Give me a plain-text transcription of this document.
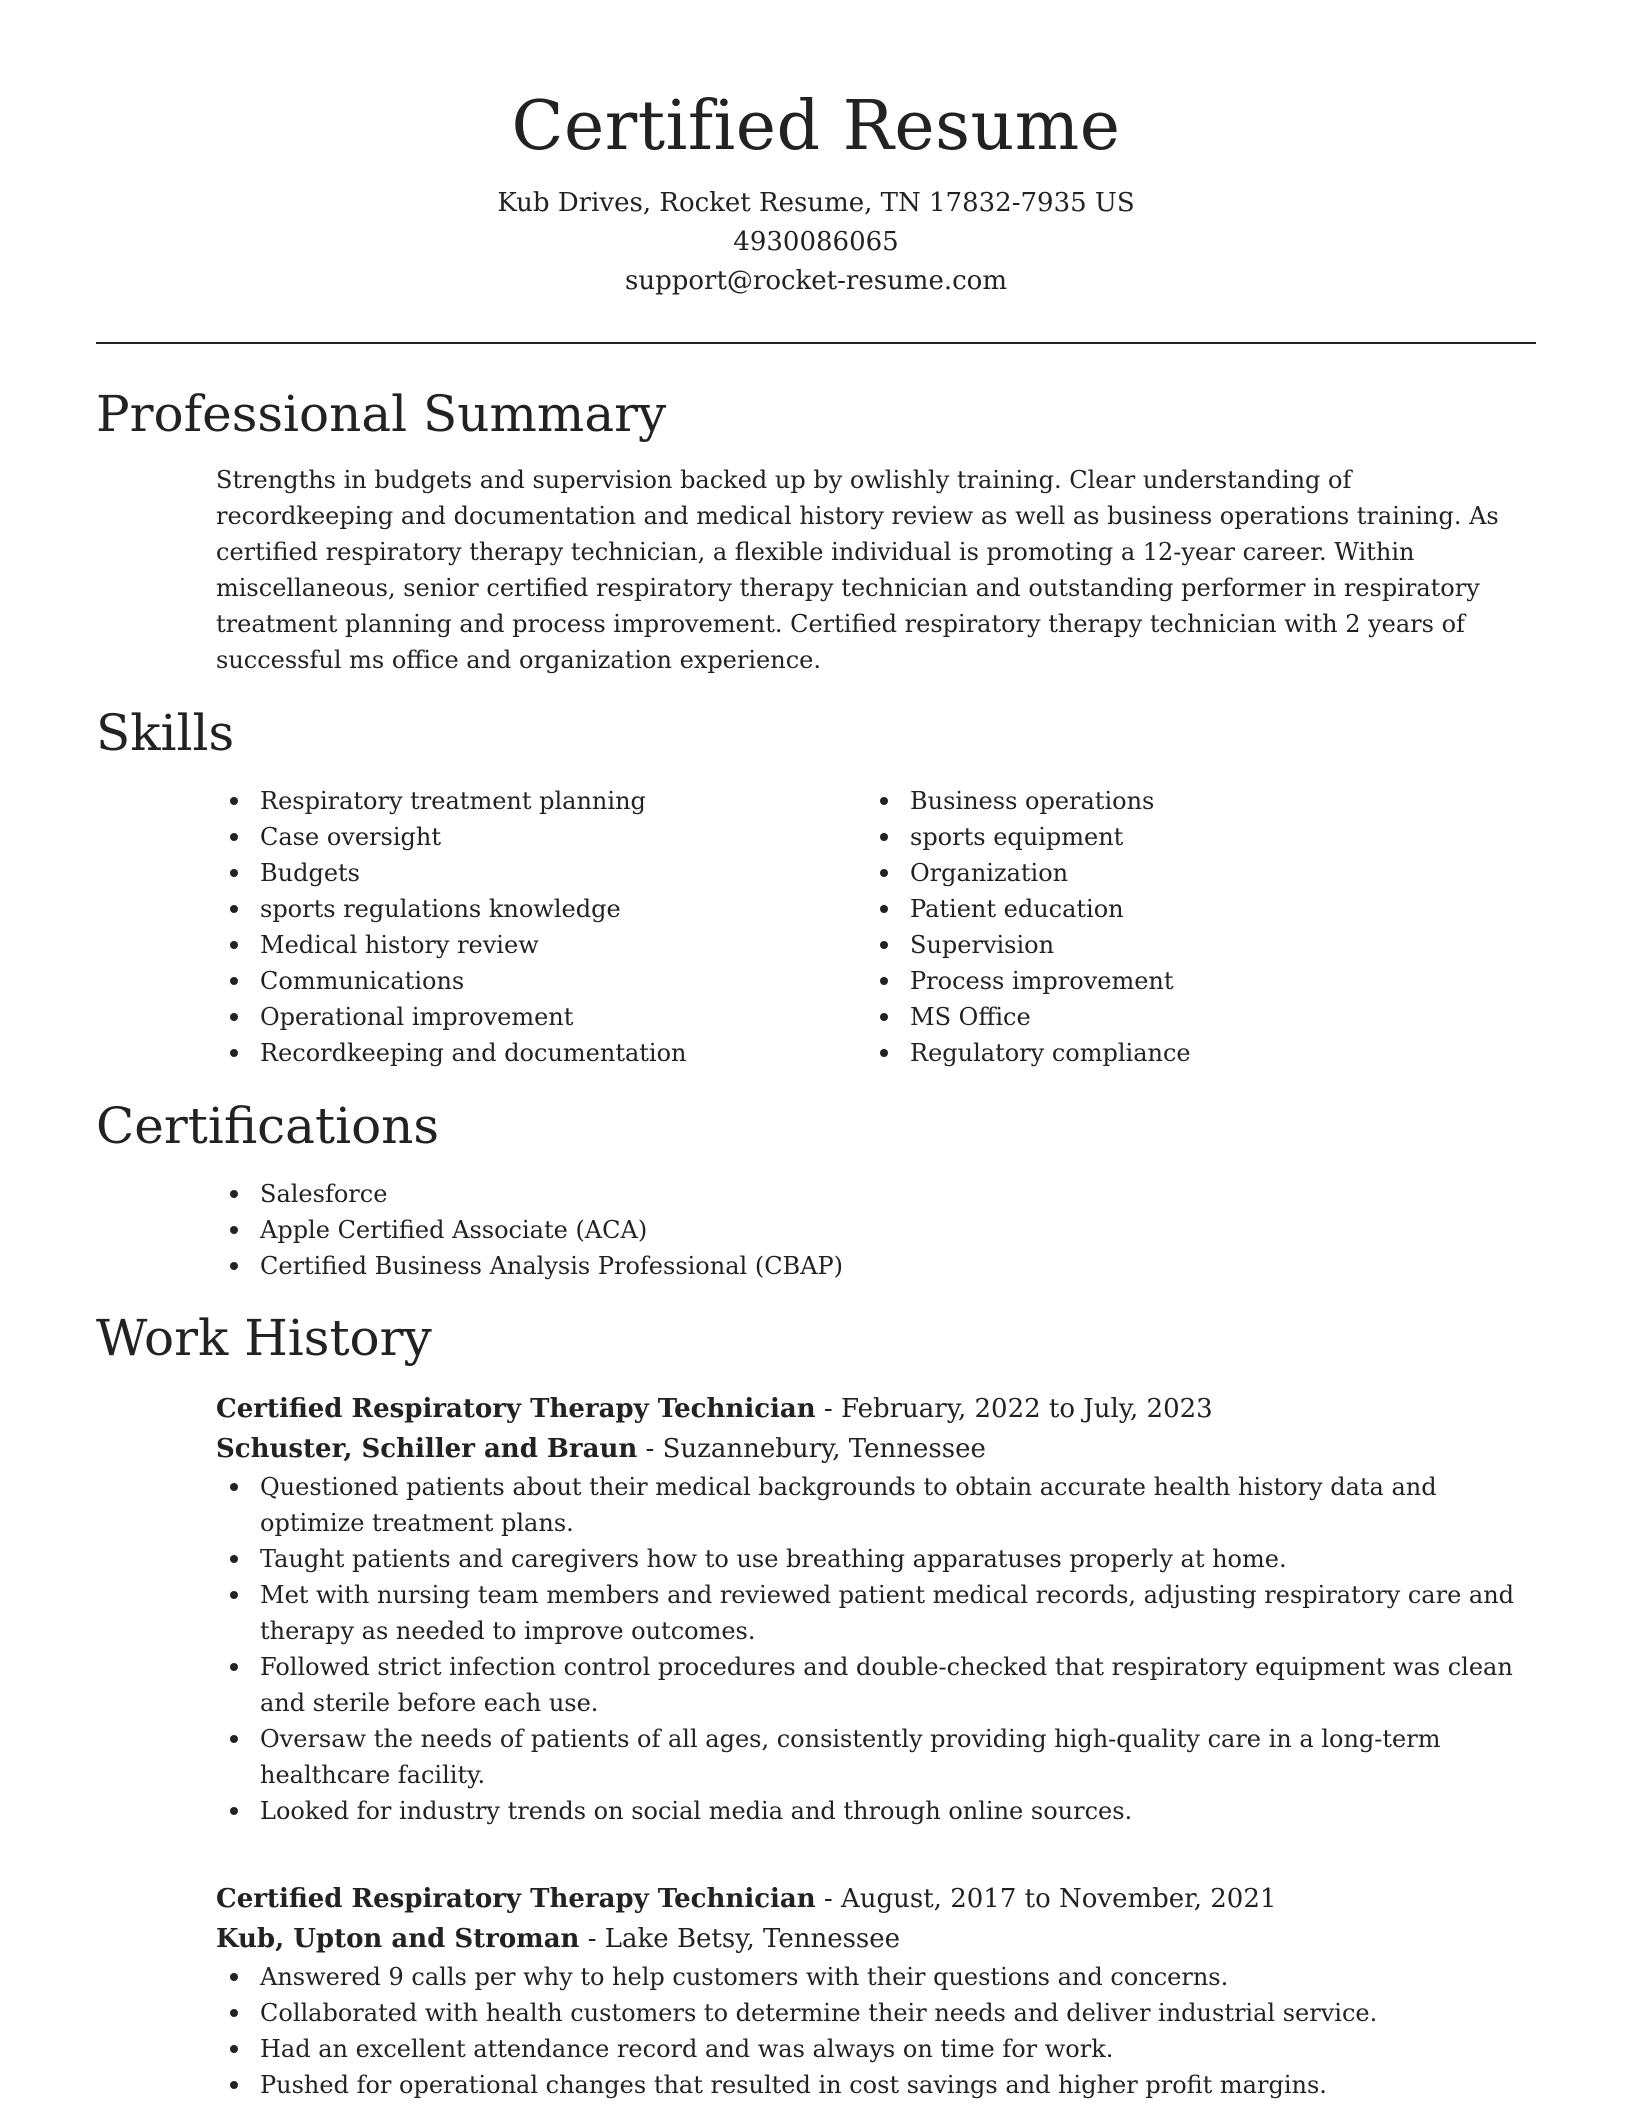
Certified Resume
Kub Drives, Rocket Resume, TN 17832-7935 US
4930086065
support@rocket-resume.com
Professional Summary

Strengths in budgets and supervision backed up by owlishly training. Clear understanding of recordkeeping and documentation and medical history review as well as business operations training. As certified respiratory therapy technician, a flexible individual is promoting a 12-year career. Within miscellaneous, senior certified respiratory therapy technician and outstanding performer in respiratory treatment planning and process improvement. Certified respiratory therapy technician with 2 years of successful ms office and organization experience.

Skills
Respiratory treatment planning
Case oversight
Budgets
sports regulations knowledge
Medical history review
Communications
Operational improvement
Recordkeeping and documentation
Business operations
sports equipment
Organization
Patient education
Supervision
Process improvement
MS Office
Regulatory compliance
Certifications
Salesforce
Apple Certified Associate (ACA)
Certified Business Analysis Professional (CBAP)
Work History
Certified Respiratory Therapy Technician - February, 2022 to July, 2023
Schuster, Schiller and Braun - Suzannebury, Tennessee
Questioned patients about their medical backgrounds to obtain accurate health history data and optimize treatment plans.
Taught patients and caregivers how to use breathing apparatuses properly at home.
Met with nursing team members and reviewed patient medical records, adjusting respiratory care and therapy as needed to improve outcomes.
Followed strict infection control procedures and double-checked that respiratory equipment was clean and sterile before each use.
Oversaw the needs of patients of all ages, consistently providing high-quality care in a long-term healthcare facility.
Looked for industry trends on social media and through online sources.
Certified Respiratory Therapy Technician - August, 2017 to November, 2021
Kub, Upton and Stroman - Lake Betsy, Tennessee
Answered 9 calls per why to help customers with their questions and concerns.
Collaborated with health customers to determine their needs and deliver industrial service.
Had an excellent attendance record and was always on time for work.
Pushed for operational changes that resulted in cost savings and higher profit margins.
